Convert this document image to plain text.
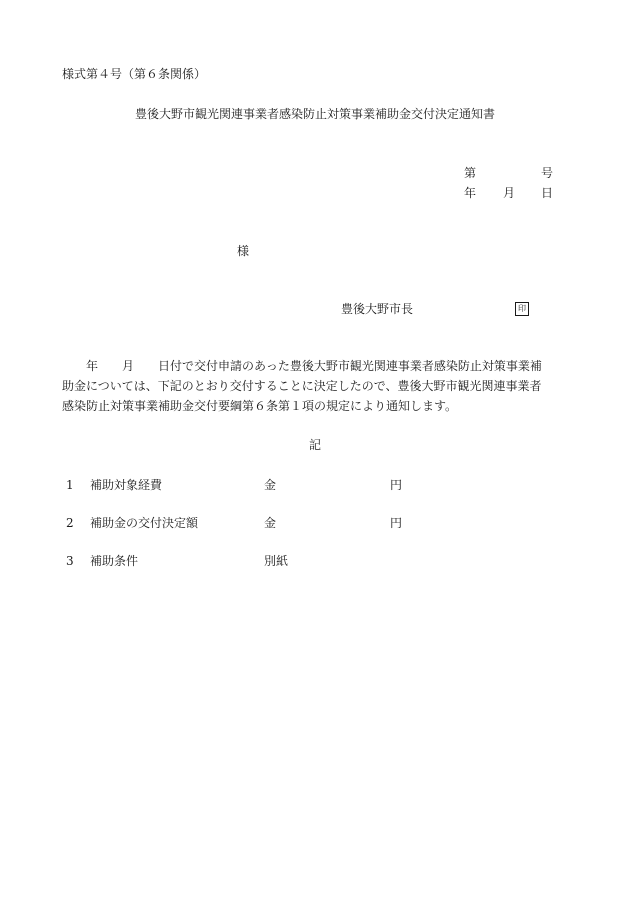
様式第４号（第６条関係）
豊後大野市観光関連事業者感染防止対策事業補助金交付決定通知書
第	号
年 月 日
様
豊後大野市長	印
年 月 日付で交付申請のあった豊後大野市観光関連事業者感染防止対策事業補
助金については、下記のとおり交付することに決定したので、豊後大野市観光関連事業者
感染防止対策事業補助金交付要綱第６条第１項の規定により通知します。
記
1 補助対象経費	金	円
2 補助金の交付決定額	金	円
3 補助条件	別紙
